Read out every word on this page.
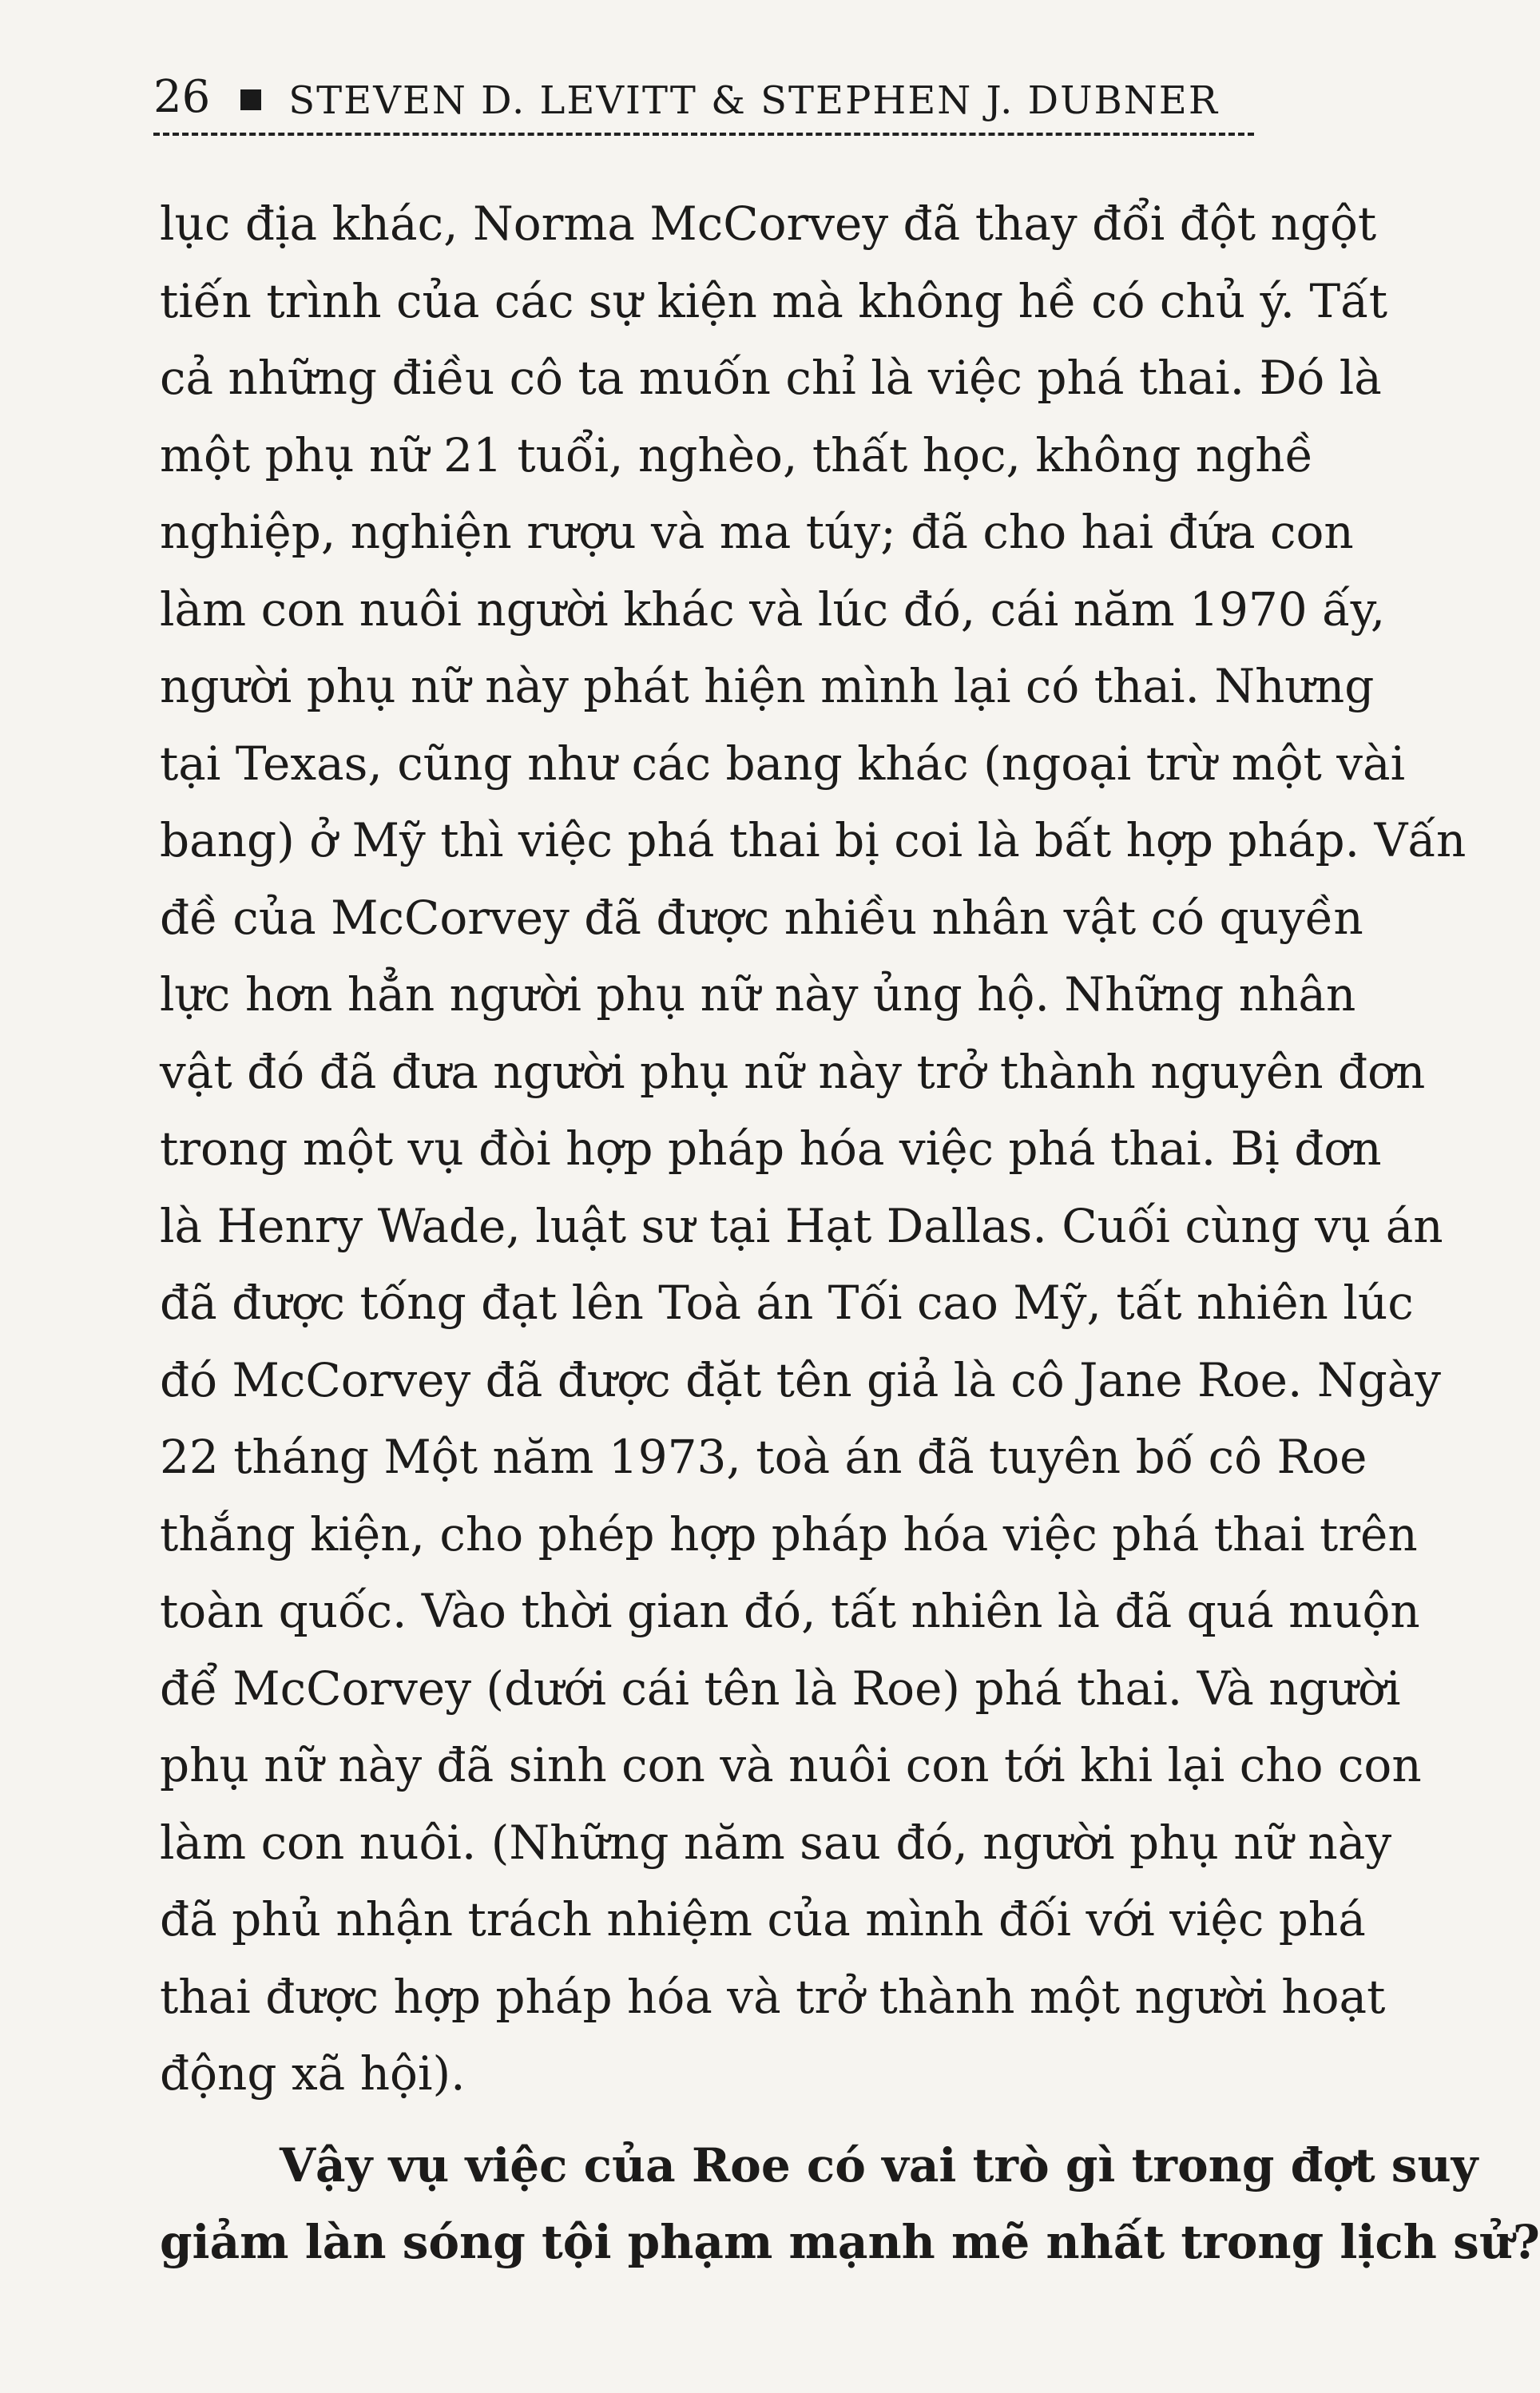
26 STEVEN D. LEVITT & STEPHEN J. DUBNER
lục địa khác, Norma McCorvey đã thay đổi đột ngột
tiến trình của các sự kiện mà không hề có chủ ý. Tất
cả những điều cô ta muốn chỉ là việc phá thai. Đó là
một phụ nữ 21 tuổi, nghèo, thất học, không nghề
nghiệp, nghiện rượu và ma túy; đã cho hai đứa con
làm con nuôi người khác và lúc đó, cái năm 1970 ấy,
người phụ nữ này phát hiện mình lại có thai. Nhưng
tại Texas, cũng như các bang khác (ngoại trừ một vài
bang) ở Mỹ thì việc phá thai bị coi là bất hợp pháp. Vấn
đề của McCorvey đã được nhiều nhân vật có quyền
lực hơn hẳn người phụ nữ này ủng hộ. Những nhân
vật đó đã đưa người phụ nữ này trở thành nguyên đơn
trong một vụ đòi hợp pháp hóa việc phá thai. Bị đơn
là Henry Wade, luật sư tại Hạt Dallas. Cuối cùng vụ án
đã được tống đạt lên Toà án Tối cao Mỹ, tất nhiên lúc
đó McCorvey đã được đặt tên giả là cô Jane Roe. Ngày
22 tháng Một năm 1973, toà án đã tuyên bố cô Roe
thắng kiện, cho phép hợp pháp hóa việc phá thai trên
toàn quốc. Vào thời gian đó, tất nhiên là đã quá muộn
để McCorvey (dưới cái tên là Roe) phá thai. Và người
phụ nữ này đã sinh con và nuôi con tới khi lại cho con
làm con nuôi. (Những năm sau đó, người phụ nữ này
đã phủ nhận trách nhiệm của mình đối với việc phá
thai được hợp pháp hóa và trở thành một người hoạt
động xã hội).
Vậy vụ việc của Roe có vai trò gì trong đợt suy
giảm làn sóng tội phạm mạnh mẽ nhất trong lịch sử?
